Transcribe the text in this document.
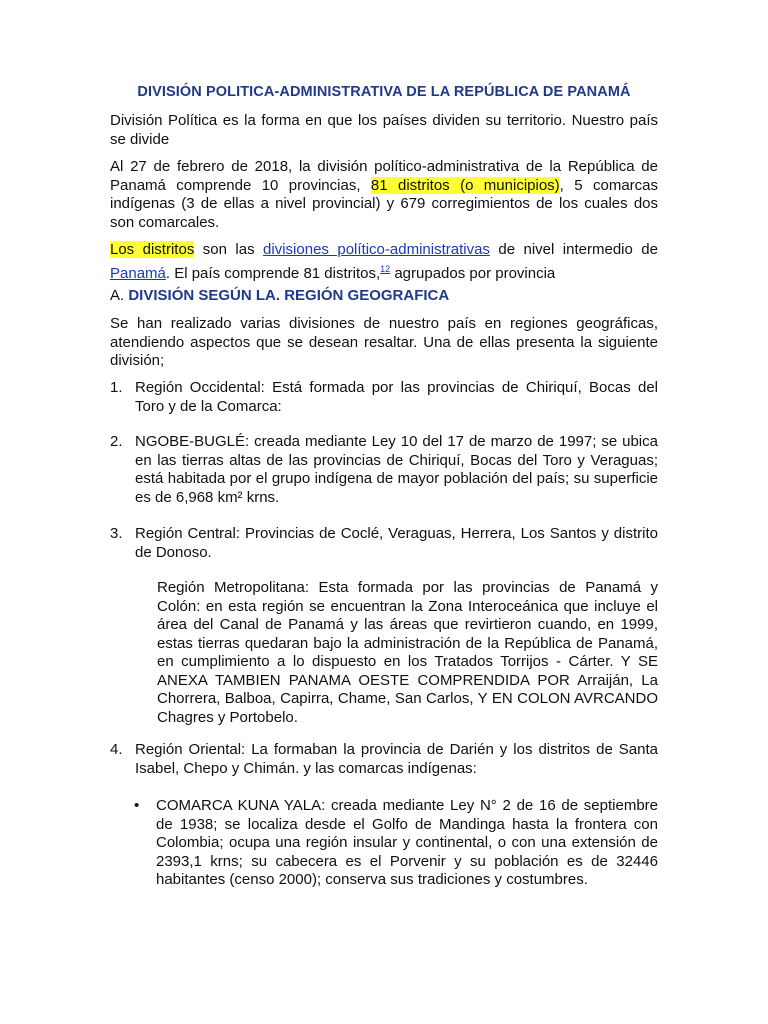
DIVISIÓN POLITICA-ADMINISTRATIVA DE LA REPÚBLICA DE PANAMÁ
División Política es la forma en que los países dividen su territorio. Nuestro país se divide
Al 27 de febrero de 2018, la división político-administrativa de la República de Panamá comprende 10 provincias, 81 distritos (o municipios), 5 comarcas indígenas (3 de ellas a nivel provincial) y 679 corregimientos de los cuales dos son comarcales.
Los distritos son las divisiones político-administrativas de nivel intermedio de Panamá. El país comprende 81 distritos,$^{12}$ agrupados por provincia
A. DIVISIÓN SEGÚN LA. REGIÓN GEOGRAFICA
Se han realizado varias divisiones de nuestro país en regiones geográficas, atendiendo aspectos que se desean resaltar. Una de ellas presenta la siguiente división;
1. Región Occidental: Está formada por las provincias de Chiriquí, Bocas del Toro y de la Comarca:
2. NGOBE-BUGLÉ: creada mediante Ley 10 del 17 de marzo de 1997; se ubica en las tierras altas de las provincias de Chiriquí, Bocas del Toro y Veraguas; está habitada por el grupo indígena de mayor población del país; su superficie es de 6,968 km² krns.
3. Región Central: Provincias de Coclé, Veraguas, Herrera, Los Santos y distrito de Donoso.
Región Metropolitana: Esta formada por las provincias de Panamá y Colón: en esta región se encuentran la Zona Interoceánica que incluye el área del Canal de Panamá y las áreas que revirtieron cuando, en 1999, estas tierras quedaran bajo la administración de la República de Panamá, en cumplimiento a lo dispuesto en los Tratados Torrijos - Cárter. Y SE ANEXA TAMBIEN PANAMA OESTE COMPRENDIDA POR Arraiján, La Chorrera, Balboa, Capirra, Chame, San Carlos, Y EN COLON AVRCANDO Chagres y Portobelo.
4. Región Oriental: La formaban la provincia de Darién y los distritos de Santa Isabel, Chepo y Chimán. y las comarcas indígenas:
• COMARCA KUNA YALA: creada mediante Ley N° 2 de 16 de septiembre de 1938; se localiza desde el Golfo de Mandinga hasta la frontera con Colombia; ocupa una región insular y continental, o con una extensión de 2393,1 krns; su cabecera es el Porvenir y su población es de 32446 habitantes (censo 2000); conserva sus tradiciones y costumbres.
